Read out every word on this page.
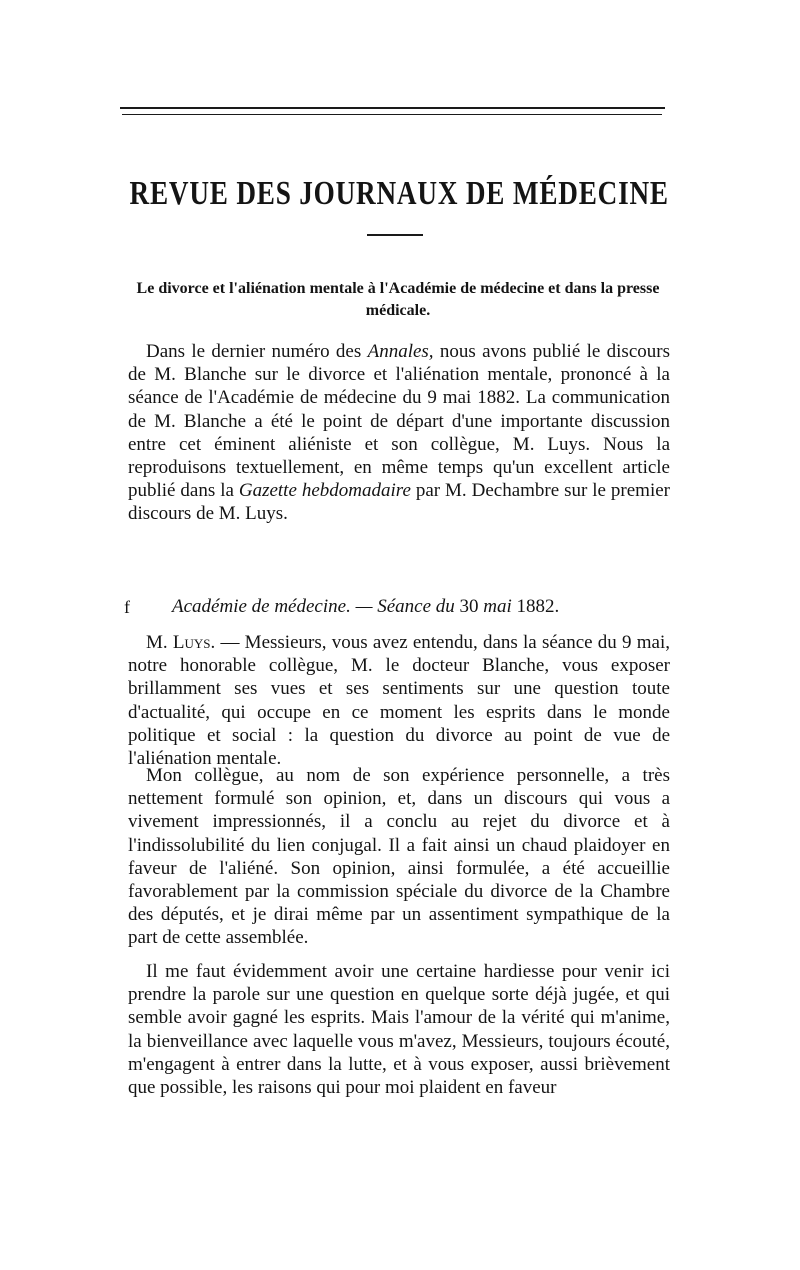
REVUE DES JOURNAUX DE MÉDECINE

Le divorce et l'aliénation mentale à l'Académie de médecine et dans la presse médicale.

Dans le dernier numéro des Annales, nous avons publié le discours de M. Blanche sur le divorce et l'aliénation mentale, prononcé à la séance de l'Académie de médecine du 9 mai 1882. La communication de M. Blanche a été le point de départ d'une importante discussion entre cet éminent aliéniste et son collègue, M. Luys. Nous la reproduisons textuellement, en même temps qu'un excellent article publié dans la Gazette hebdomadaire par M. Dechambre sur le premier discours de M. Luys.

f	Académie de médecine. — Séance du 30 mai 1882.

M. Luys. — Messieurs, vous avez entendu, dans la séance du 9 mai, notre honorable collègue, M. le docteur Blanche, vous exposer brillamment ses vues et ses sentiments sur une question toute d'actualité, qui occupe en ce moment les esprits dans le monde politique et social : la question du divorce au point de vue de l'aliénation mentale.

Mon collègue, au nom de son expérience personnelle, a très nettement formulé son opinion, et, dans un discours qui vous a vivement impressionnés, il a conclu au rejet du divorce et à l'indissolubilité du lien conjugal. Il a fait ainsi un chaud plaidoyer en faveur de l'aliéné. Son opinion, ainsi formulée, a été accueillie favorablement par la commission spéciale du divorce de la Chambre des députés, et je dirai même par un assentiment sympathique de la part de cette assemblée.

Il me faut évidemment avoir une certaine hardiesse pour venir ici prendre la parole sur une question en quelque sorte déjà jugée, et qui semble avoir gagné les esprits. Mais l'amour de la vérité qui m'anime, la bienveillance avec laquelle vous m'avez, Messieurs, toujours écouté, m'engagent à entrer dans la lutte, et à vous exposer, aussi brièvement que possible, les raisons qui pour moi plaident en faveur
